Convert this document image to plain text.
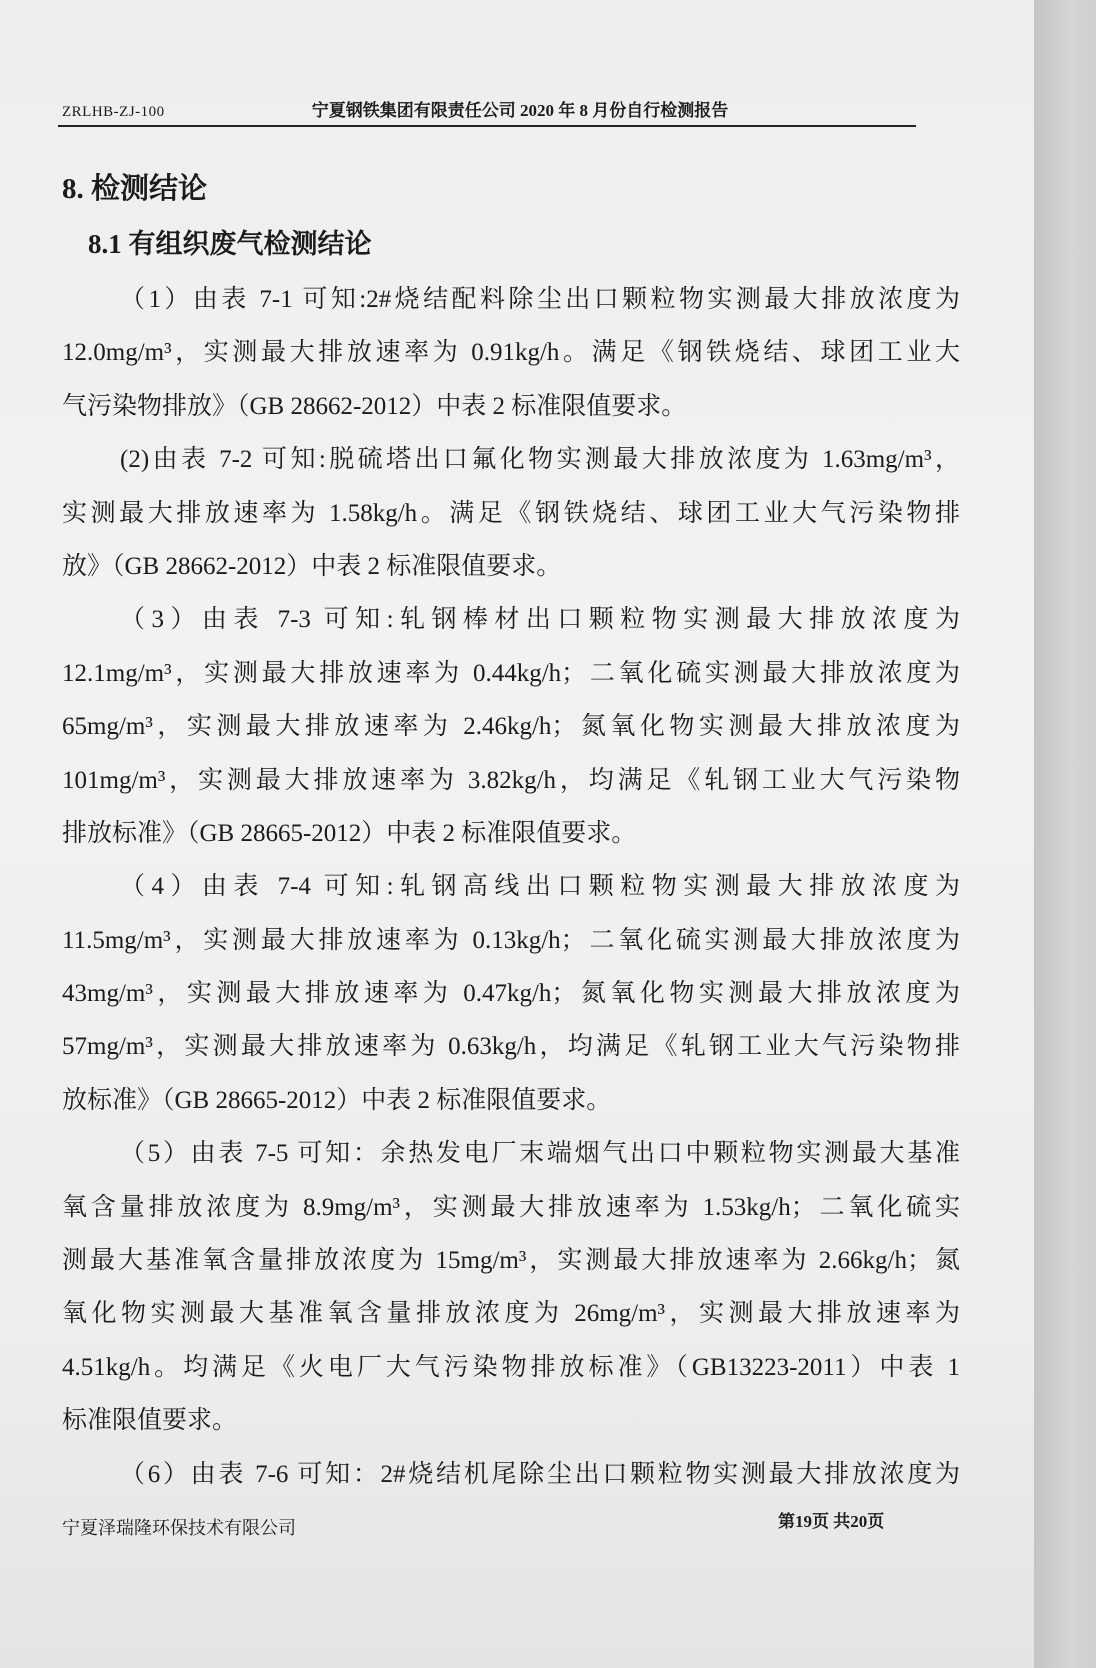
ZRLHB-ZJ-100	宁夏钢铁集团有限责任公司 2020 年 8 月份自行检测报告
8. 检测结论
8.1 有组织废气检测结论
（1）由表 7-1 可知:2#烧结配料除尘出口颗粒物实测最大排放浓度为
12.0mg/m³，实测最大排放速率为 0.91kg/h。满足《钢铁烧结、球团工业大
气污染物排放》（GB 28662-2012）中表 2 标准限值要求。
(2)由表 7-2 可知:脱硫塔出口氟化物实测最大排放浓度为 1.63mg/m³，
实测最大排放速率为 1.58kg/h。满足《钢铁烧结、球团工业大气污染物排
放》（GB 28662-2012）中表 2 标准限值要求。
（3）由表 7-3 可知:轧钢棒材出口颗粒物实测最大排放浓度为
12.1mg/m³，实测最大排放速率为 0.44kg/h；二氧化硫实测最大排放浓度为
65mg/m³，实测最大排放速率为 2.46kg/h；氮氧化物实测最大排放浓度为
101mg/m³，实测最大排放速率为 3.82kg/h，均满足《轧钢工业大气污染物
排放标准》（GB 28665-2012）中表 2 标准限值要求。
（4）由表 7-4 可知:轧钢高线出口颗粒物实测最大排放浓度为
11.5mg/m³，实测最大排放速率为 0.13kg/h；二氧化硫实测最大排放浓度为
43mg/m³，实测最大排放速率为 0.47kg/h；氮氧化物实测最大排放浓度为
57mg/m³，实测最大排放速率为 0.63kg/h，均满足《轧钢工业大气污染物排
放标准》（GB 28665-2012）中表 2 标准限值要求。
（5）由表 7-5 可知：余热发电厂末端烟气出口中颗粒物实测最大基准
氧含量排放浓度为 8.9mg/m³，实测最大排放速率为 1.53kg/h；二氧化硫实
测最大基准氧含量排放浓度为 15mg/m³，实测最大排放速率为 2.66kg/h；氮
氧化物实测最大基准氧含量排放浓度为 26mg/m³，实测最大排放速率为
4.51kg/h。均满足《火电厂大气污染物排放标准》（GB13223-2011）中表 1
标准限值要求。
（6）由表 7-6 可知：2#烧结机尾除尘出口颗粒物实测最大排放浓度为
宁夏泽瑞隆环保技术有限公司	第19页 共20页
